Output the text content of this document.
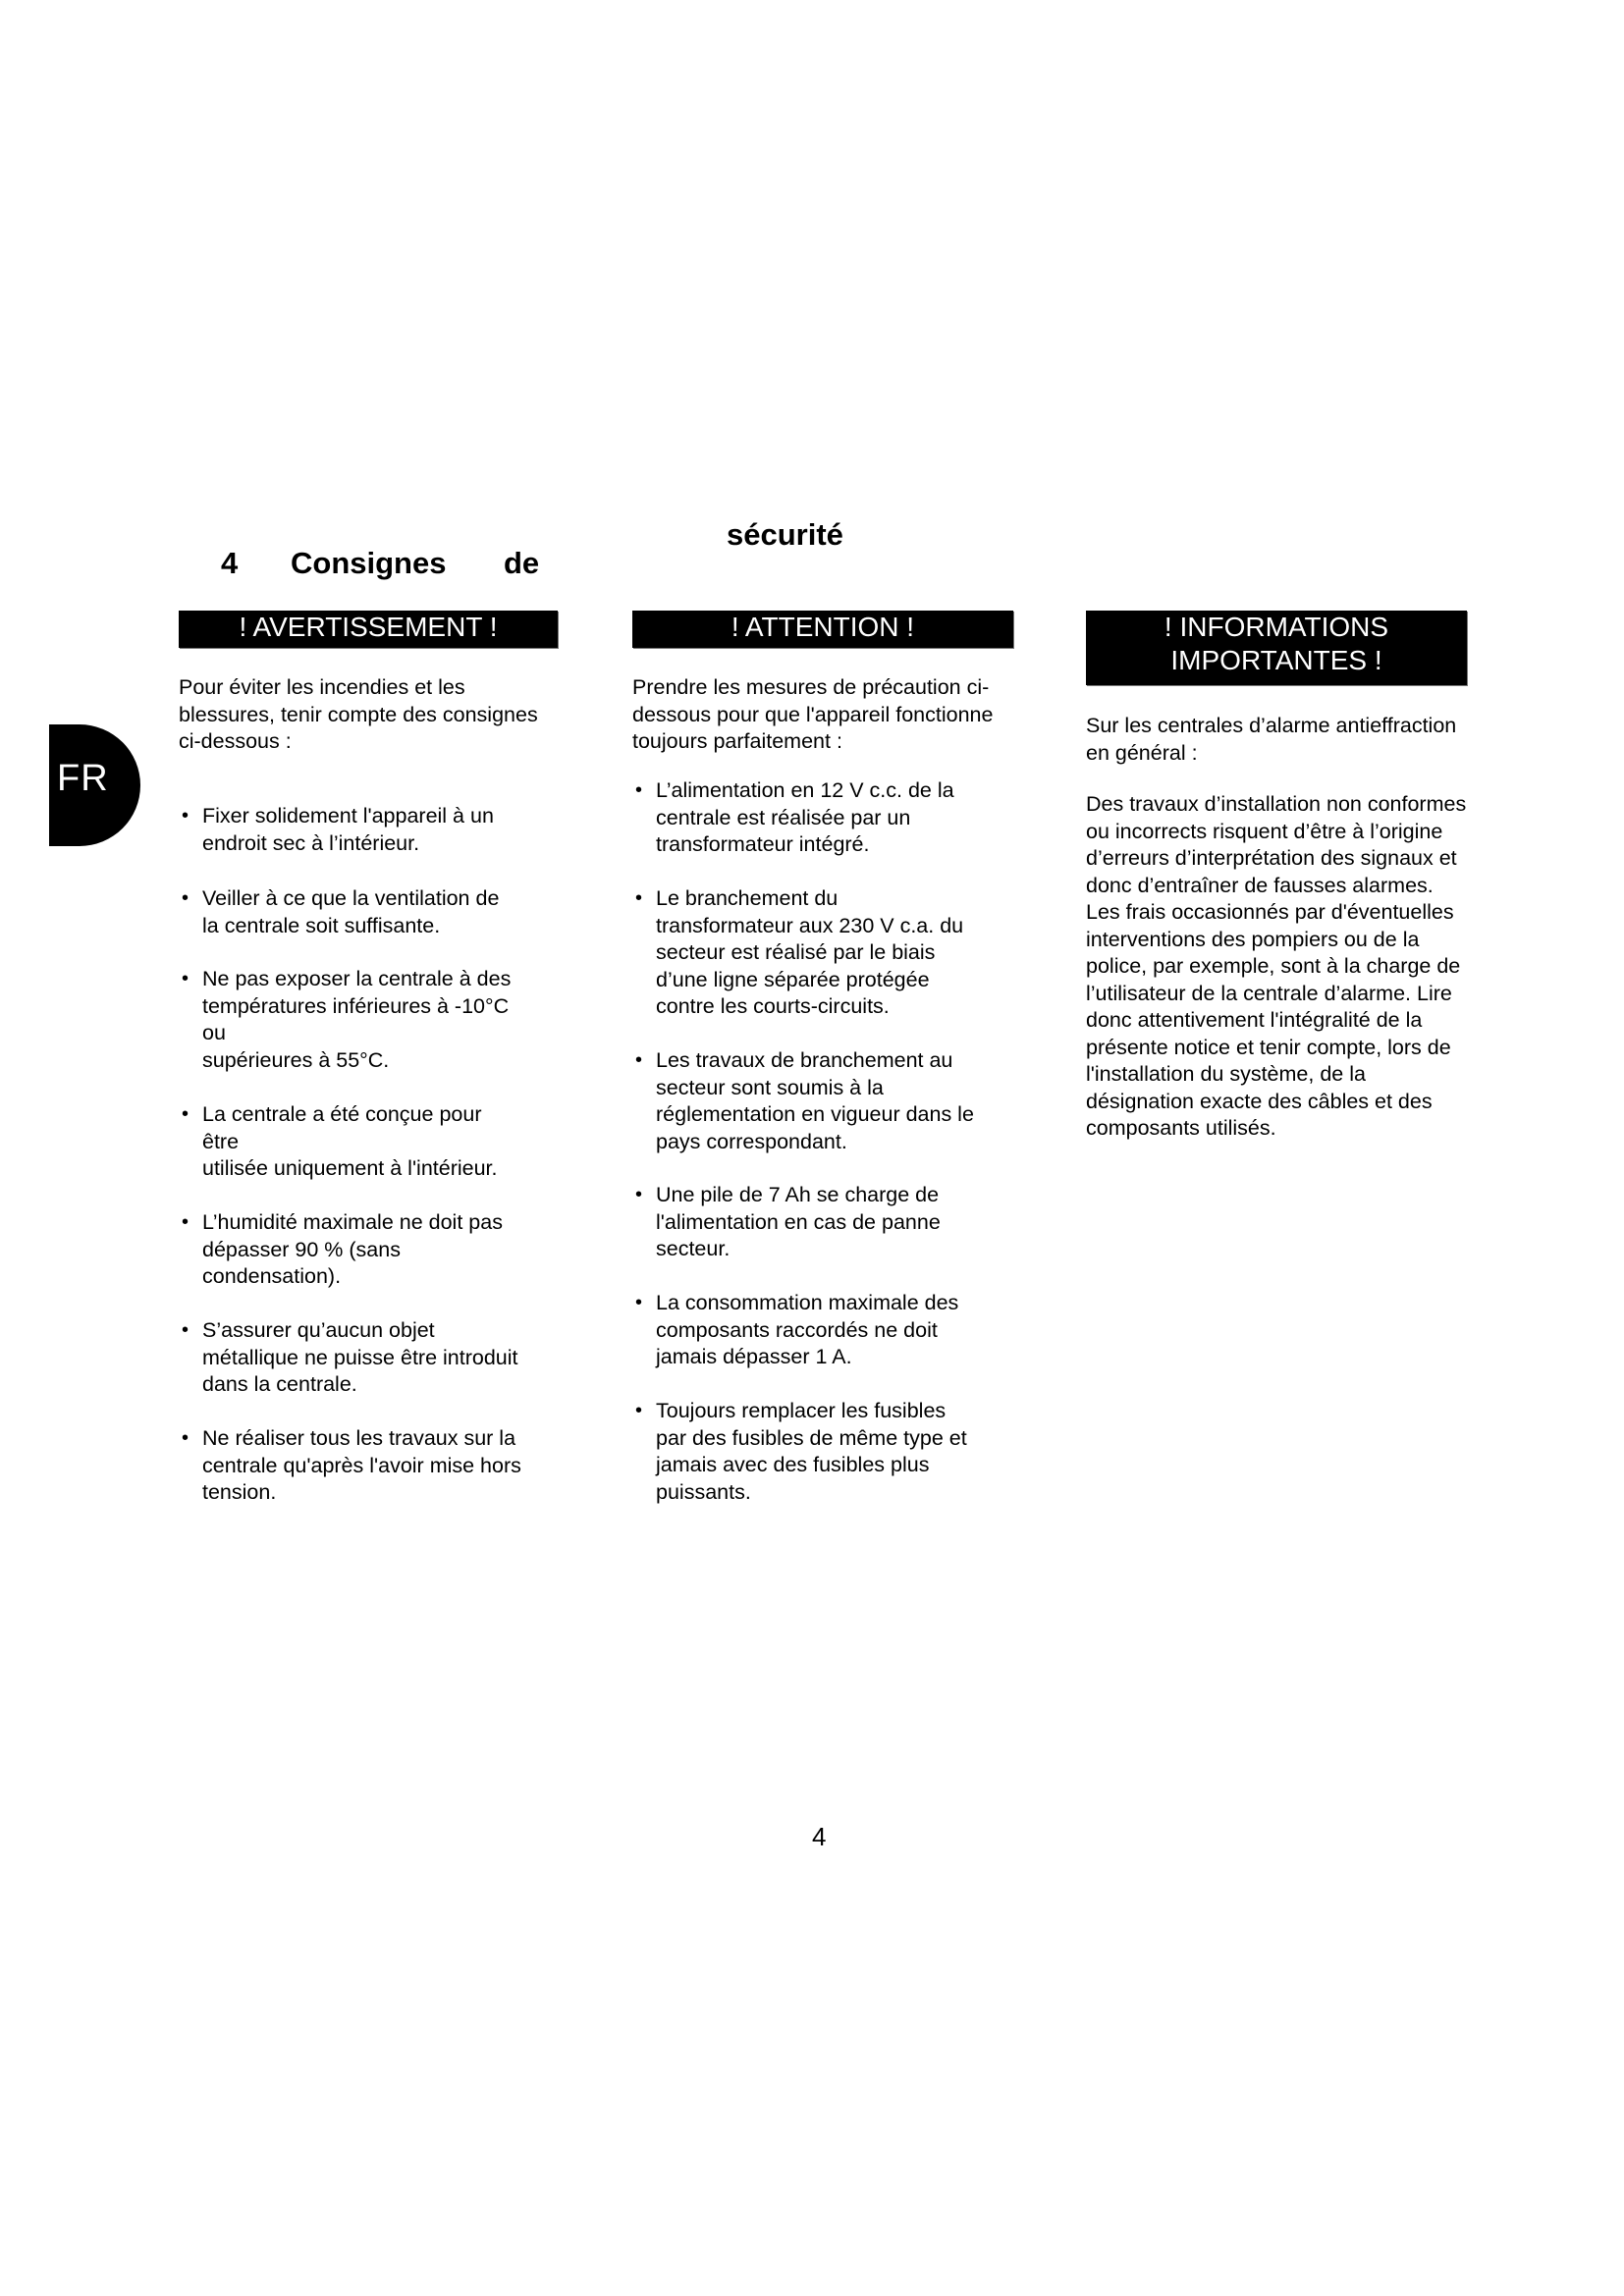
FR
4 Consignes de
sécurité
! AVERTISSEMENT !
Pour éviter les incendies et les blessures, tenir compte des consignes ci-dessous :
• Fixer solidement l'appareil à un
endroit sec à l’intérieur.
• Veiller à ce que la ventilation de
la centrale soit suffisante.
• Ne pas exposer la centrale à des
températures inférieures à -10°C
ou
supérieures à 55°C.
• La centrale a été conçue pour
être
utilisée uniquement à l'intérieur.
• L’humidité maximale ne doit pas
dépasser 90 % (sans
condensation).
• S’assurer qu’aucun objet
métallique ne puisse être introduit
dans la centrale.
• Ne réaliser tous les travaux sur la
centrale qu'après l'avoir mise hors
tension.
! ATTENTION !
Prendre les mesures de précaution ci-dessous pour que l'appareil fonctionne toujours parfaitement :
• L’alimentation en 12 V c.c. de la
centrale est réalisée par un
transformateur intégré.
• Le branchement du
transformateur aux 230 V c.a. du
secteur est réalisé par le biais
d’une ligne séparée protégée
contre les courts-circuits.
• Les travaux de branchement au
secteur sont soumis à la
réglementation en vigueur dans le
pays correspondant.
• Une pile de 7 Ah se charge de
l'alimentation en cas de panne
secteur.
• La consommation maximale des
composants raccordés ne doit
jamais dépasser 1 A.
• Toujours remplacer les fusibles
par des fusibles de même type et
jamais avec des fusibles plus
puissants.
! INFORMATIONS
IMPORTANTES !
Sur les centrales d’alarme antieffraction en général :
Des travaux d’installation non conformes ou incorrects risquent d’être à l’origine d’erreurs d’interprétation des signaux et donc d’entraîner de fausses alarmes. Les frais occasionnés par d'éventuelles interventions des pompiers ou de la police, par exemple, sont à la charge de l’utilisateur de la centrale d’alarme. Lire donc attentivement l'intégralité de la présente notice et tenir compte, lors de l'installation du système, de la désignation exacte des câbles et des composants utilisés.
4
